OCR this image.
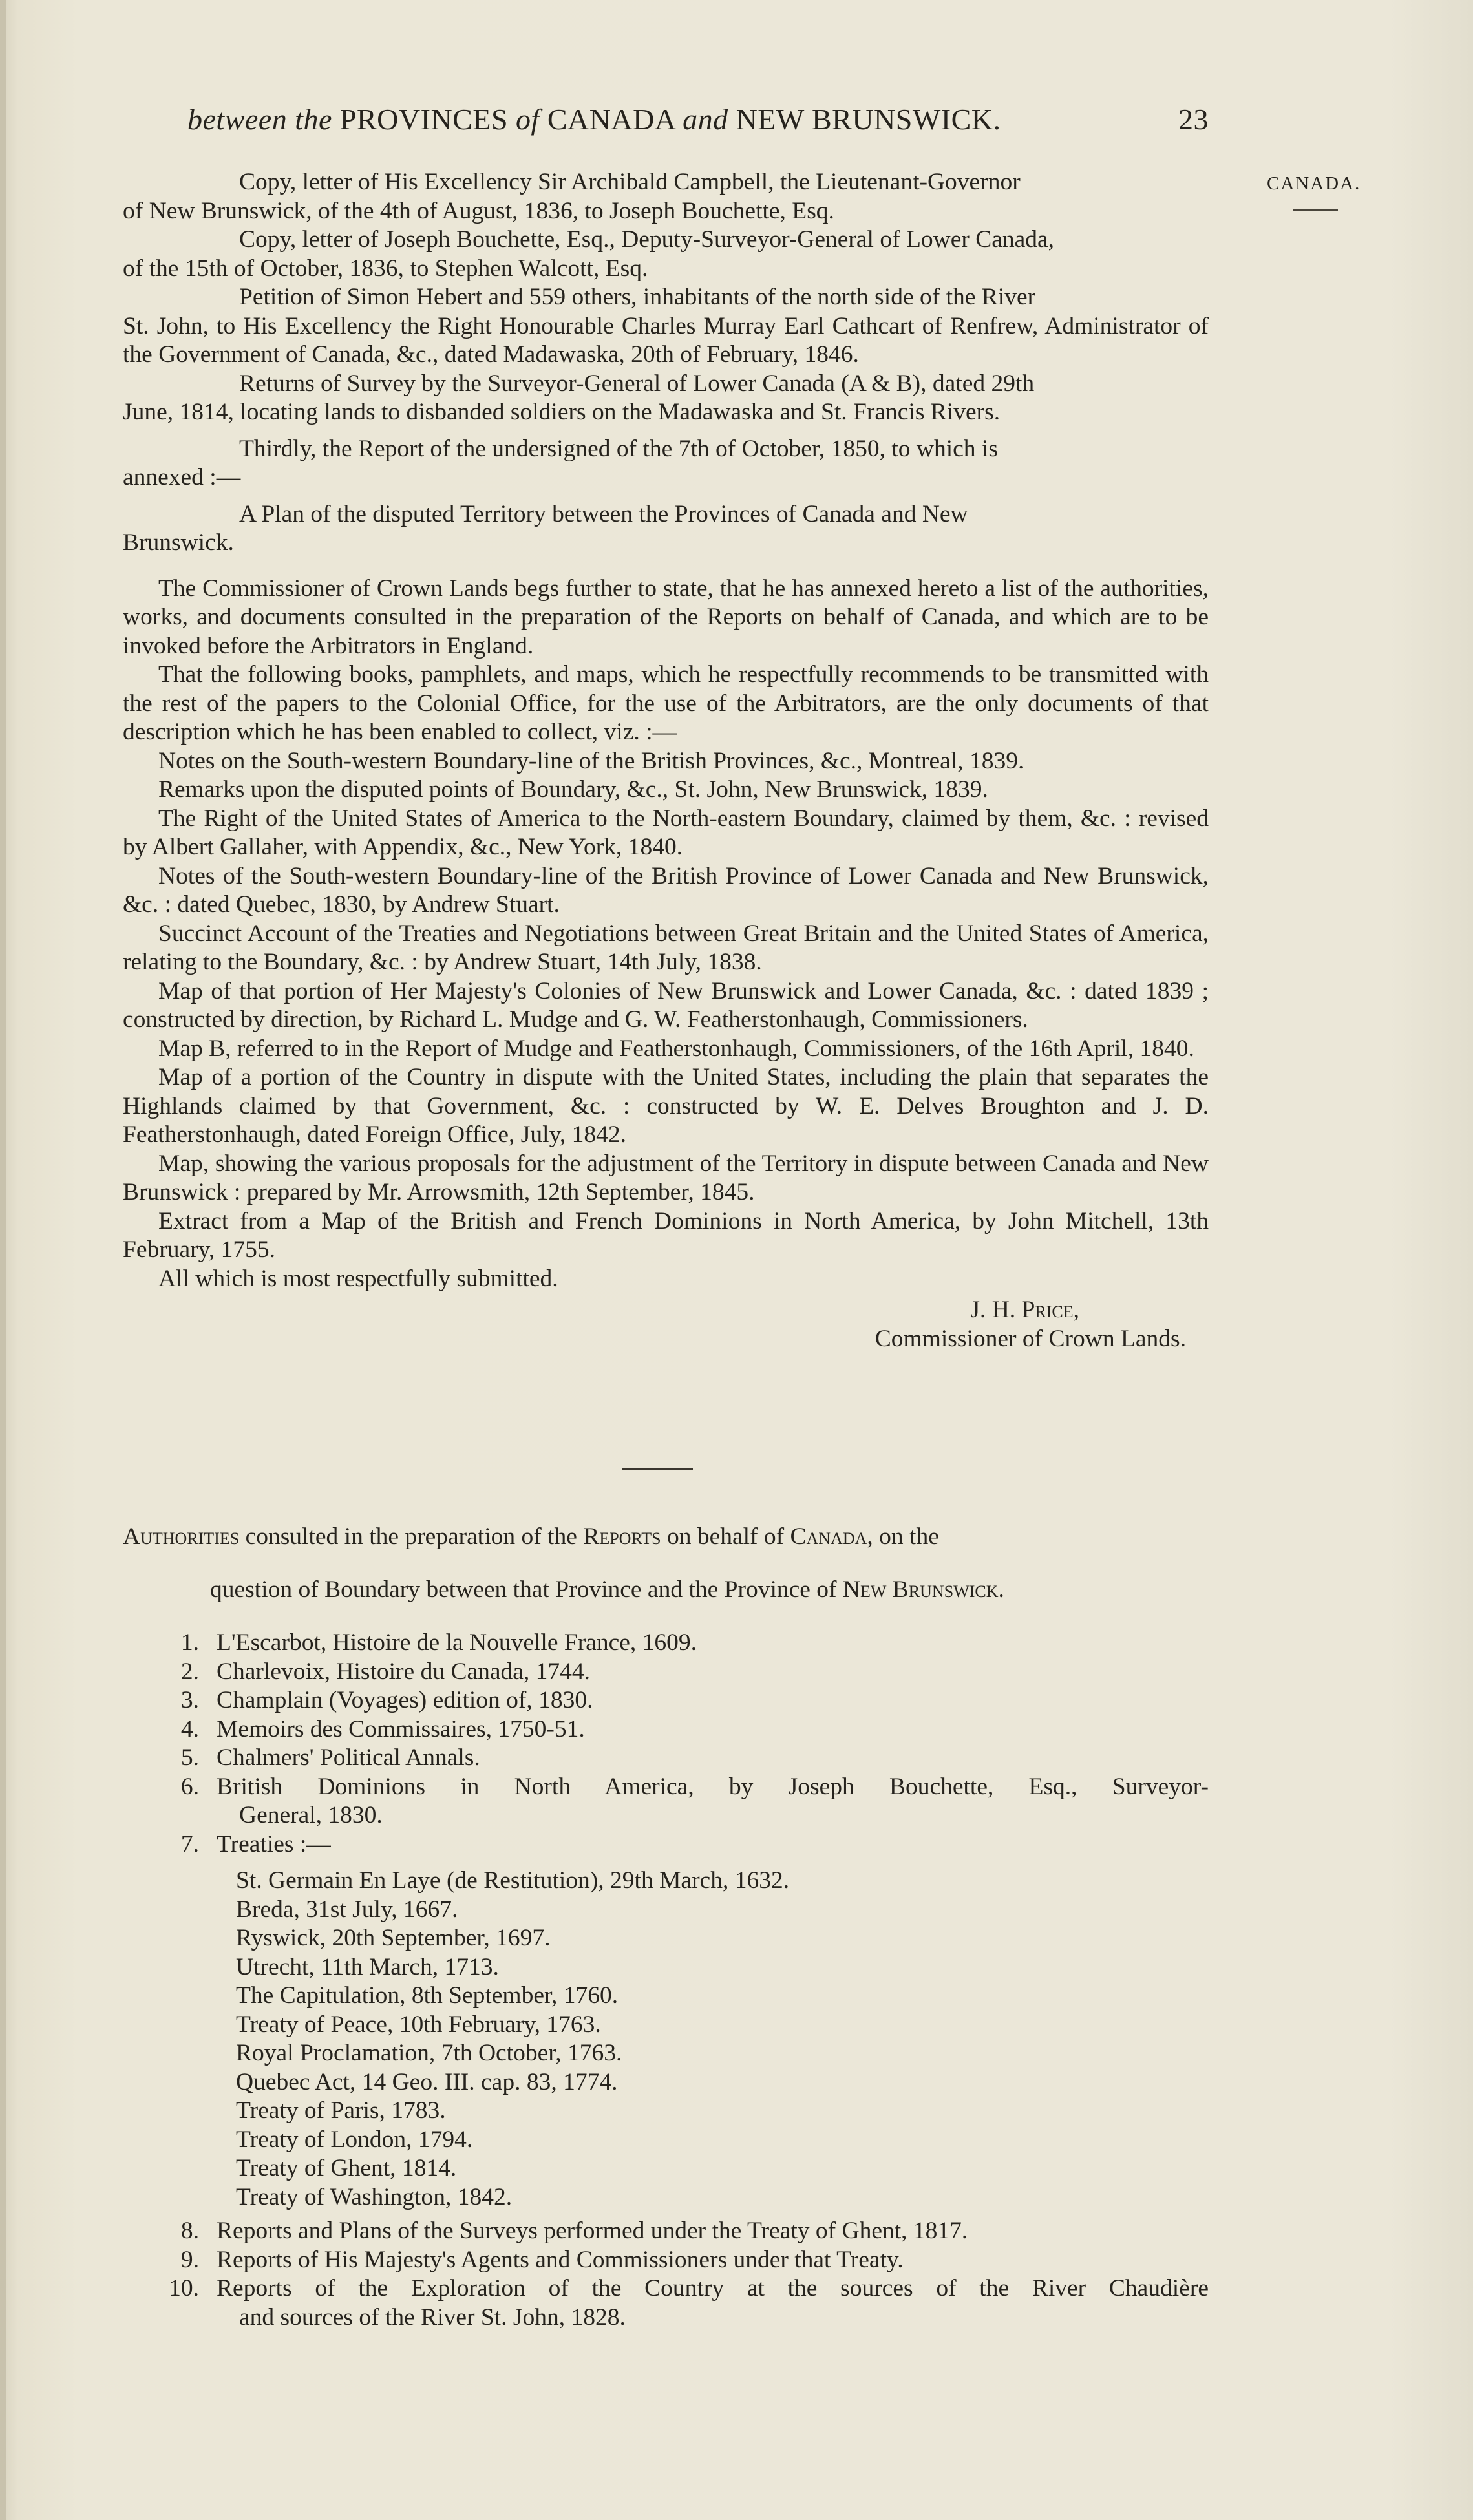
between the PROVINCES of CANADA and NEW BRUNSWICK.	23
CANADA.

Copy, letter of His Excellency Sir Archibald Campbell, the Lieutenant-Governor

of New Brunswick, of the 4th of August, 1836, to Joseph Bouchette, Esq.

Copy, letter of Joseph Bouchette, Esq., Deputy-Surveyor-General of Lower Canada,

of the 15th of October, 1836, to Stephen Walcott, Esq.

Petition of Simon Hebert and 559 others, inhabitants of the north side of the River

St. John, to His Excellency the Right Honourable Charles Murray Earl Cathcart of Renfrew, Administrator of the Government of Canada, &c., dated Madawaska, 20th of February, 1846.

Returns of Survey by the Surveyor-General of Lower Canada (A & B), dated 29th

June, 1814, locating lands to disbanded soldiers on the Madawaska and St. Francis Rivers.

Thirdly, the Report of the undersigned of the 7th of October, 1850, to which is

annexed :—

A Plan of the disputed Territory between the Provinces of Canada and New

Brunswick.

The Commissioner of Crown Lands begs further to state, that he has annexed hereto a list of the authorities, works, and documents consulted in the preparation of the Reports on behalf of Canada, and which are to be invoked before the Arbitrators in England.

That the following books, pamphlets, and maps, which he respectfully recommends to be transmitted with the rest of the papers to the Colonial Office, for the use of the Arbitrators, are the only documents of that description which he has been enabled to collect, viz. :—

Notes on the South-western Boundary-line of the British Provinces, &c., Montreal, 1839.

Remarks upon the disputed points of Boundary, &c., St. John, New Brunswick, 1839.

The Right of the United States of America to the North-eastern Boundary, claimed by them, &c. : revised by Albert Gallaher, with Appendix, &c., New York, 1840.

Notes of the South-western Boundary-line of the British Province of Lower Canada and New Brunswick, &c. : dated Quebec, 1830, by Andrew Stuart.

Succinct Account of the Treaties and Negotiations between Great Britain and the United States of America, relating to the Boundary, &c. : by Andrew Stuart, 14th July, 1838.

Map of that portion of Her Majesty's Colonies of New Brunswick and Lower Canada, &c. : dated 1839 ; constructed by direction, by Richard L. Mudge and G. W. Featherstonhaugh, Commissioners.

Map B, referred to in the Report of Mudge and Featherstonhaugh, Commissioners, of the 16th April, 1840.

Map of a portion of the Country in dispute with the United States, including the plain that separates the Highlands claimed by that Government, &c. : constructed by W. E. Delves Broughton and J. D. Featherstonhaugh, dated Foreign Office, July, 1842.

Map, showing the various proposals for the adjustment of the Territory in dispute between Canada and New Brunswick : prepared by Mr. Arrowsmith, 12th September, 1845.

Extract from a Map of the British and French Dominions in North America, by John Mitchell, 13th February, 1755.

All which is most respectfully submitted.

J. H. Price,

Commissioner of Crown Lands.

Authorities consulted in the preparation of the Reports on behalf of Canada, on the

question of Boundary between that Province and the Province of New Brunswick.

1. L'Escarbot, Histoire de la Nouvelle France, 1609.
2. Charlevoix, Histoire du Canada, 1744.
3. Champlain (Voyages) edition of, 1830.
4. Memoirs des Commissaires, 1750-51.
5. Chalmers' Political Annals.
6. British Dominions in North America, by Joseph Bouchette, Esq., Surveyor-
General, 1830.
7. Treaties :—
St. Germain En Laye (de Restitution), 29th March, 1632.
Breda, 31st July, 1667.
Ryswick, 20th September, 1697.
Utrecht, 11th March, 1713.
The Capitulation, 8th September, 1760.
Treaty of Peace, 10th February, 1763.
Royal Proclamation, 7th October, 1763.
Quebec Act, 14 Geo. III. cap. 83, 1774.
Treaty of Paris, 1783.
Treaty of London, 1794.
Treaty of Ghent, 1814.
Treaty of Washington, 1842.
8. Reports and Plans of the Surveys performed under the Treaty of Ghent, 1817.
9. Reports of His Majesty's Agents and Commissioners under that Treaty.
10. Reports of the Exploration of the Country at the sources of the River Chaudière
and sources of the River St. John, 1828.
